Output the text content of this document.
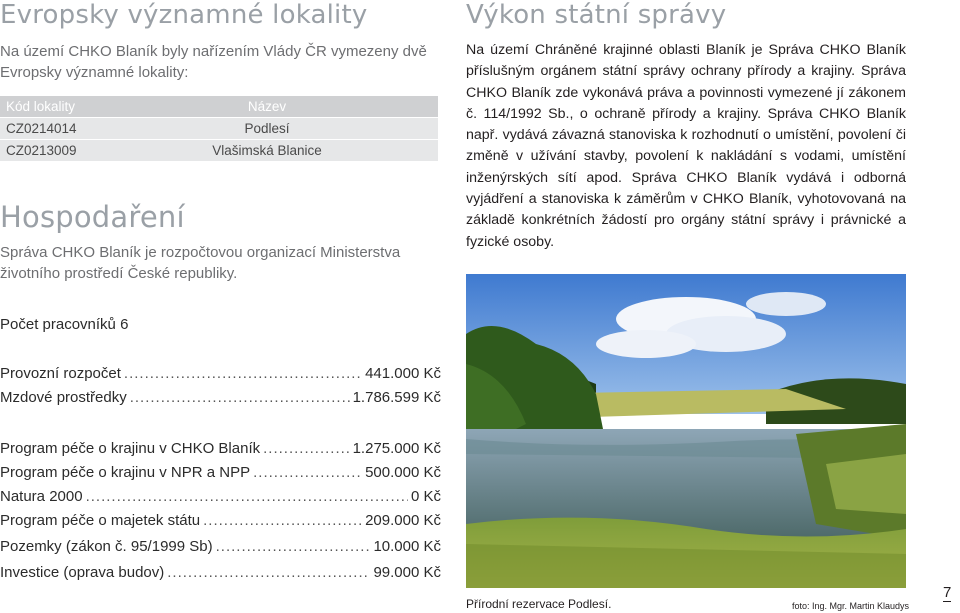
Evropsky významné lokality
Na území CHKO Blaník byly nařízením Vlády ČR vymezeny dvě Evropsky významné lokality:
Kód lokality	Název
CZ0214014	Podlesí
CZ0213009	Vlašimská Blanice
Hospodaření
Správa CHKO Blaník je rozpočtovou organizací Ministerstva životního prostředí České republiky.
Počet pracovníků 6
Provozní rozpočet .....	441.000 Kč
Mzdové prostředky .....	1.786.599 Kč
Program péče o krajinu v CHKO Blaník .....	1.275.000 Kč
Program péče o krajinu v NPR a NPP .....	500.000 Kč
Natura 2000 .....	0 Kč
Program péče o majetek státu .....	209.000 Kč
Pozemky (zákon č. 95/1999 Sb) .....	10.000 Kč
Investice (oprava budov) .....	99.000 Kč
Výkon státní správy
Na území Chráněné krajinné oblasti Blaník je Správa CHKO Blaník příslušným orgánem státní správy ochrany přírody a krajiny. Správa CHKO Blaník zde vykonává práva a povinnosti vymezené jí zákonem č. 114/1992 Sb., o ochraně přírody a krajiny. Správa CHKO Blaník např. vydává závazná stanoviska k rozhodnutí o umístění, povolení či změně v užívání stavby, povolení k nakládání s vodami, umístění inženýrských sítí apod. Správa CHKO Blaník vydává i odborná vyjádření a stanoviska k záměrům v CHKO Blaník, vyhotovovaná na základě konkrétních žádostí pro orgány státní správy i právnické a fyzické osoby.
Přírodní rezervace Podlesí.	foto: Ing. Mgr. Martin Klaudys
7
